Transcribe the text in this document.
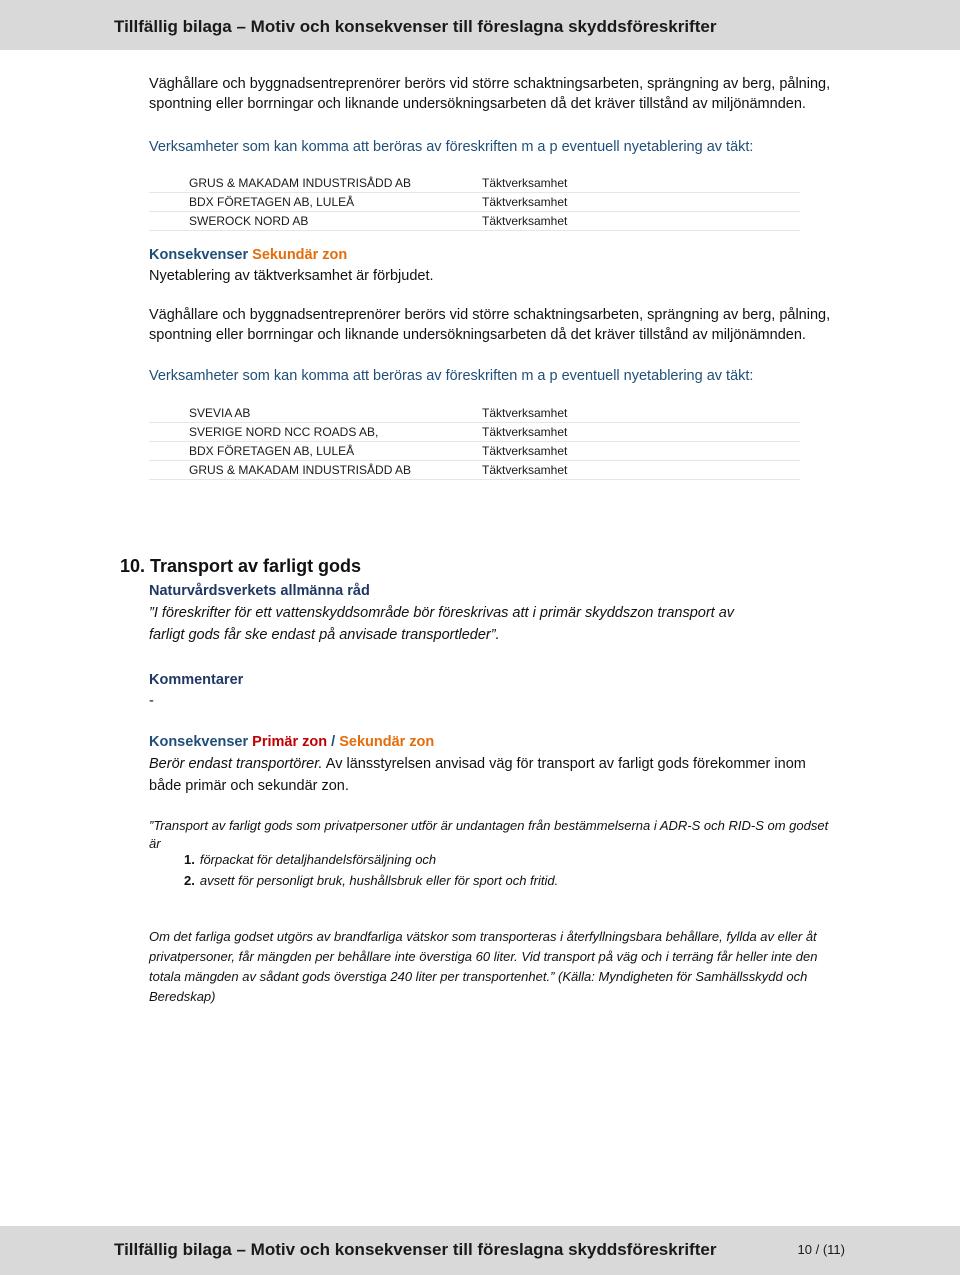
Tillfällig bilaga – Motiv och konsekvenser till föreslagna skyddsföreskrifter
Väghållare och byggnadsentreprenörer berörs vid större schaktningsarbeten, sprängning av berg, pålning,
spontning eller borrningar och liknande undersökningsarbeten då det kräver tillstånd av miljönämnden.
Verksamheter som kan komma att beröras av föreskriften m a p eventuell nyetablering av täkt:
GRUS & MAKADAM INDUSTRISÅDD AB	Täktverksamhet
BDX FÖRETAGEN AB, LULEÅ	Täktverksamhet
SWEROCK NORD AB	Täktverksamhet
Konsekvenser Sekundär zon
Nyetablering av täktverksamhet är förbjudet.
Väghållare och byggnadsentreprenörer berörs vid större schaktningsarbeten, sprängning av berg, pålning,
spontning eller borrningar och liknande undersökningsarbeten då det kräver tillstånd av miljönämnden.
Verksamheter som kan komma att beröras av föreskriften m a p eventuell nyetablering av täkt:
SVEVIA AB	Täktverksamhet
SVERIGE NORD NCC ROADS AB,	Täktverksamhet
BDX FÖRETAGEN AB, LULEÅ	Täktverksamhet
GRUS & MAKADAM INDUSTRISÅDD AB	Täktverksamhet
10. Transport av farligt gods
Naturvårdsverkets allmänna råd
”I föreskrifter för ett vattenskyddsområde bör föreskrivas att i primär skyddszon transport av
farligt gods får ske endast på anvisade transportleder”.
Kommentarer
-
Konsekvenser Primär zon / Sekundär zon
Berör endast transportörer. Av länsstyrelsen anvisad väg för transport av farligt gods förekommer inom
både primär och sekundär zon.
”Transport av farligt gods som privatpersoner utför är undantagen från bestämmelserna i ADR-S och RID-S om godset
är
1. förpackat för detaljhandelsförsäljning och
2. avsett för personligt bruk, hushållsbruk eller för sport och fritid.
Om det farliga godset utgörs av brandfarliga vätskor som transporteras i återfyllningsbara behållare, fyllda av eller åt
privatpersoner, får mängden per behållare inte överstiga 60 liter. Vid transport på väg och i terräng får heller inte den
totala mängden av sådant gods överstiga 240 liter per transportenhet.” (Källa: Myndigheten för Samhällsskydd och
Beredskap)
Tillfällig bilaga – Motiv och konsekvenser till föreslagna skyddsföreskrifter	10 / (11)
